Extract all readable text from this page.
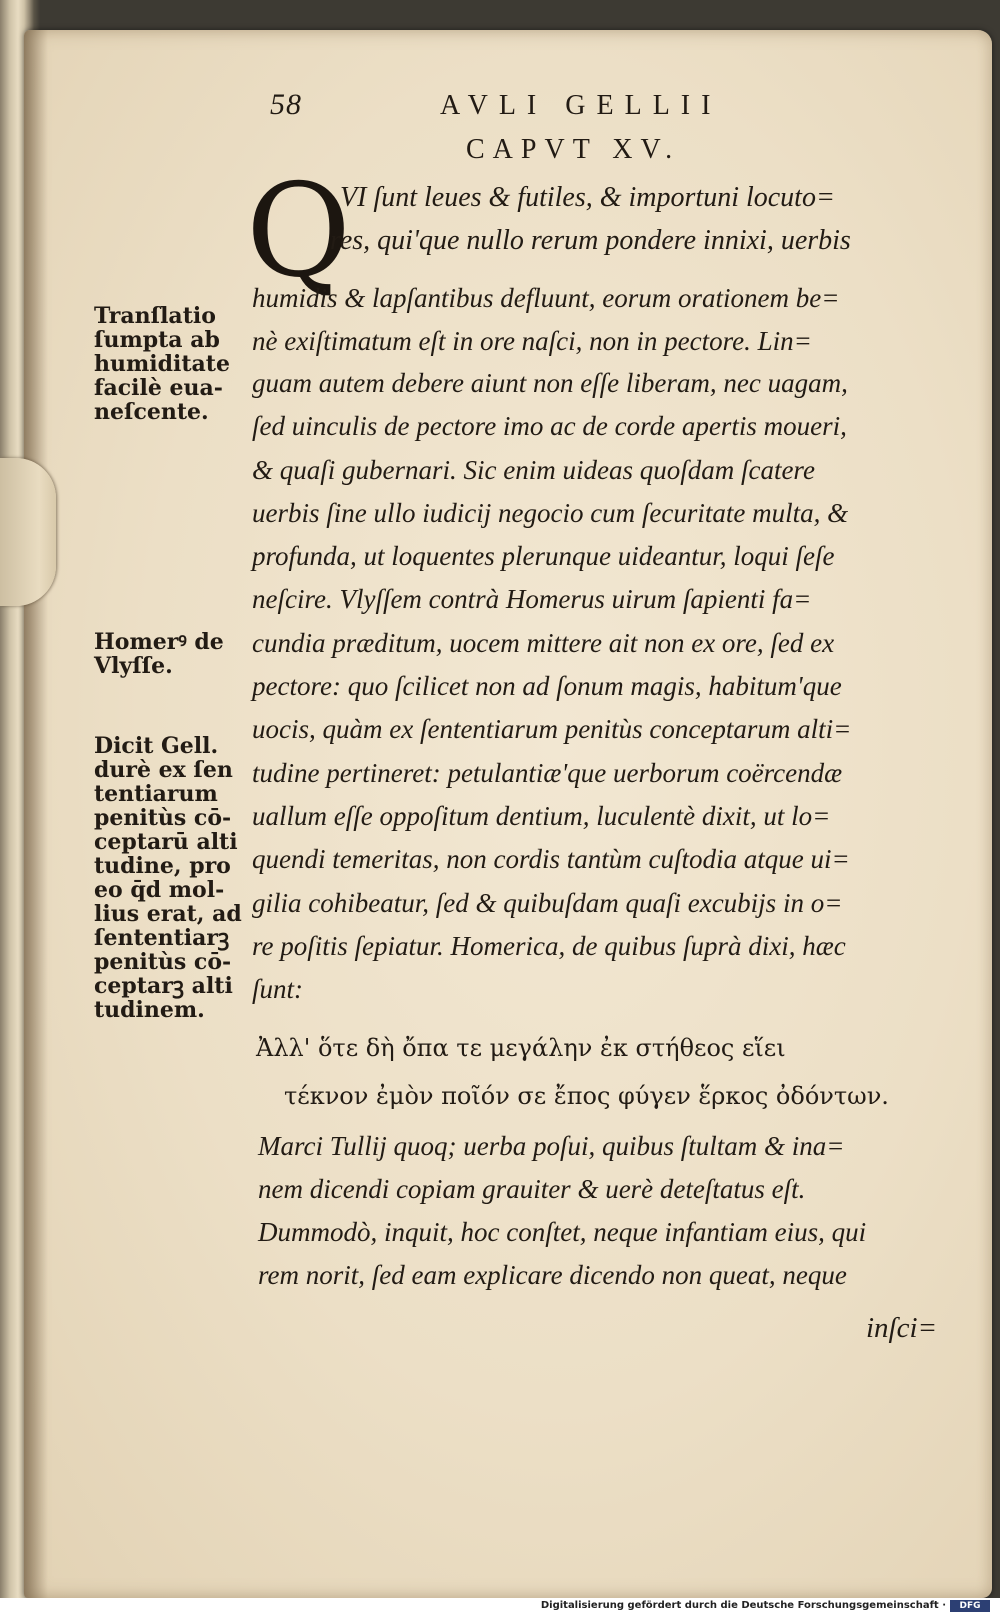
58	AVLI GELLII
CAPVT XV.
Q
VI ſunt leues & futiles, & importuni locuto=
res, qui'que nullo rerum pondere innixi, uerbis
humidis & lapſantibus defluunt, eorum orationem be=
nè exiſtimatum eſt in ore naſci, non in pectore. Lin=
guam autem debere aiunt non eſſe liberam, nec uagam,
ſed uinculis de pectore imo ac de corde apertis moueri,
& quaſi gubernari. Sic enim uideas quoſdam ſcatere
uerbis ſine ullo iudicij negocio cum ſecuritate multa, &
profunda, ut loquentes plerunque uideantur, loqui ſeſe
neſcire. Vlyſſem contrà Homerus uirum ſapienti fa=
cundia præditum, uocem mittere ait non ex ore, ſed ex
pectore: quo ſcilicet non ad ſonum magis, habitum'que
uocis, quàm ex ſententiarum penitùs conceptarum alti=
tudine pertineret: petulantiæ'que uerborum coërcendæ
uallum eſſe oppoſitum dentium, luculentè dixit, ut lo=
quendi temeritas, non cordis tantùm cuſtodia atque ui=
gilia cohibeatur, ſed & quibuſdam quaſi excubijs in o=
re poſitis ſepiatur. Homerica, de quibus ſuprà dixi, hæc
ſunt:
Ἀλλ' ὅτε δὴ ὄπα τε μεγάλην ἐκ στήθεος εἵει
τέκνον ἐμὸν ποῖόν σε ἔπος φύγεν ἕρκος ὀδόντων.
Marci Tullij quoq; uerba poſui, quibus ſtultam & ina=
nem dicendi copiam grauiter & uerè deteſtatus eſt.
Dummodò, inquit, hoc conſtet, neque infantiam eius, qui
rem norit, ſed eam explicare dicendo non queat, neque
inſci=
Tranſlatio
ſumpta ab
humiditate
facilè eua-
neſcente.
Homerꝰ de
Vlyſſe.
Dicit Gell.
durè ex ſen
tentiarum
penitùs cō-
ceptarū alti
tudine, pro
eo q̄d mol-
lius erat, ad
ſententiarꝫ
penitùs cō-
ceptarꝫ alti
tudinem.
Digitalisierung gefördert durch die Deutsche Forschungsgemeinschaft ·	DFG
